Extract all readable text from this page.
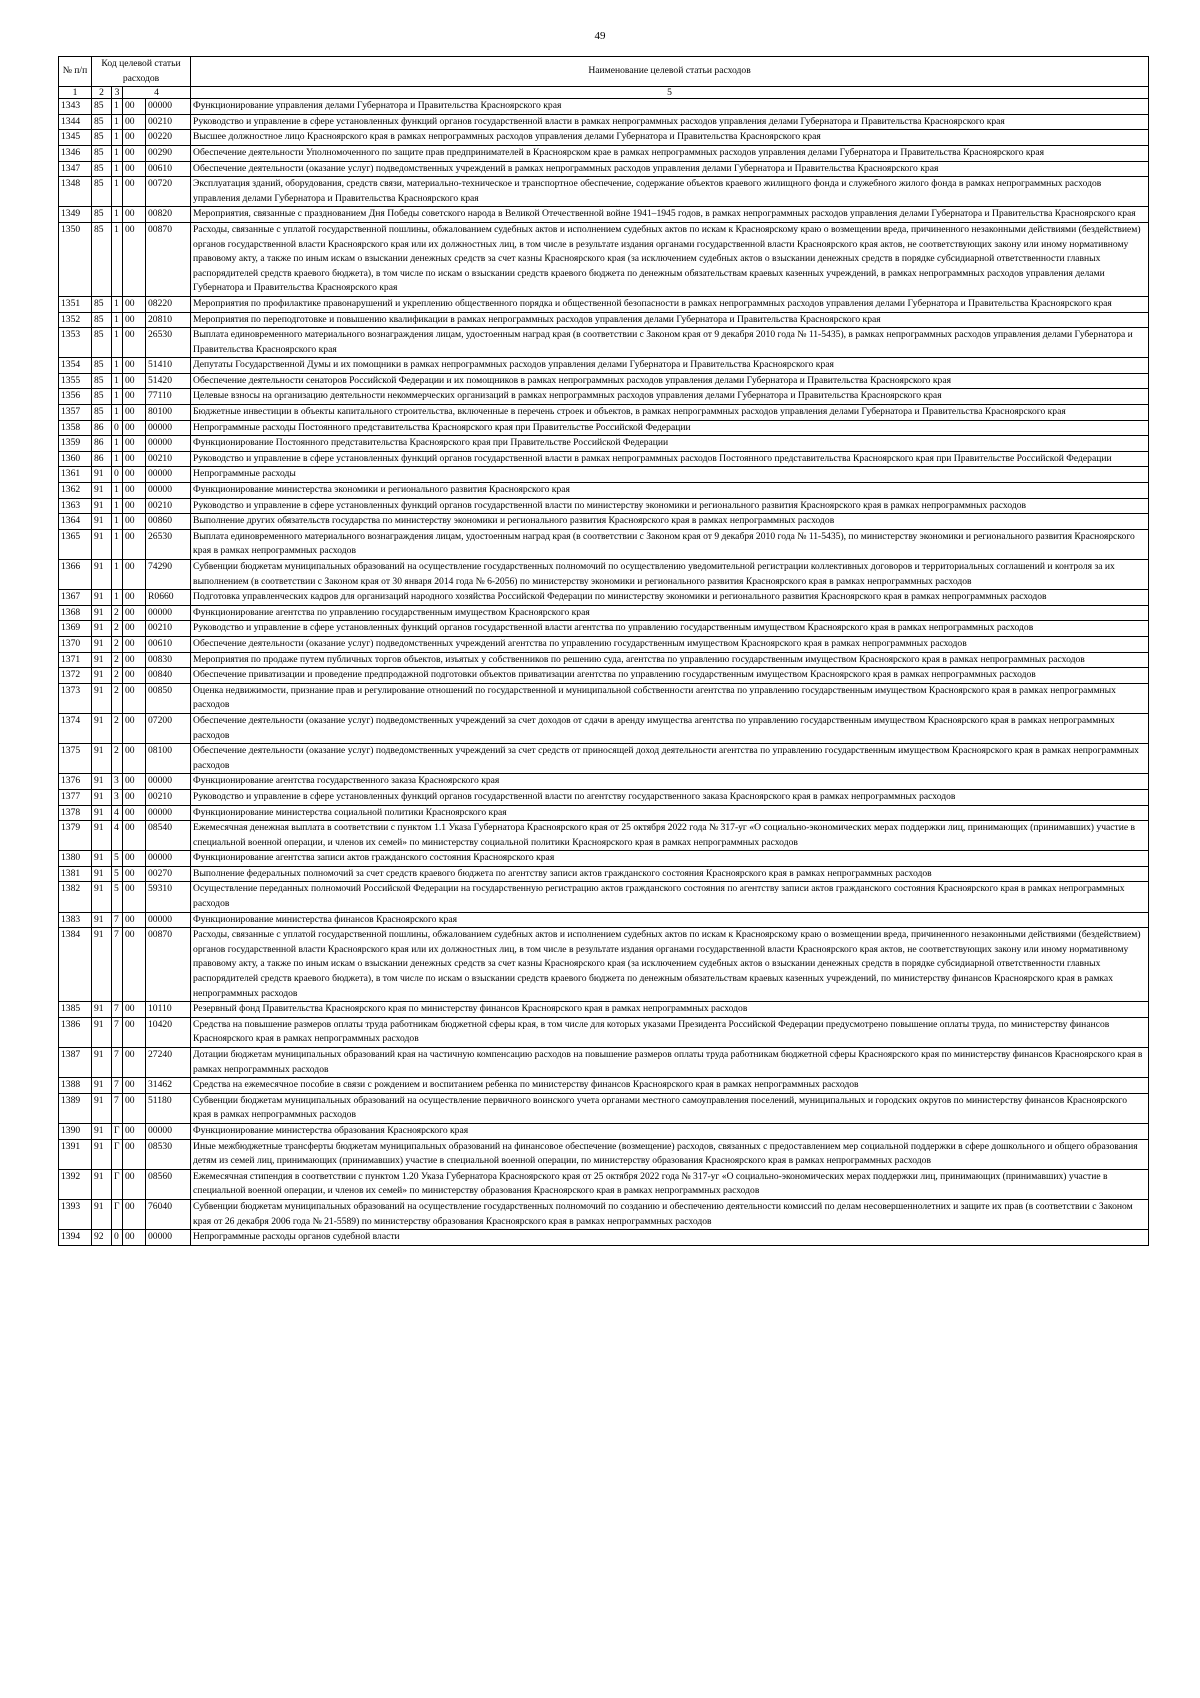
49
№ п/п	Код целевой статьи расходов				Наименование целевой статьи расходов

1	2	3	4		5
1343	85	1	00	00000	Функционирование управления делами Губернатора и Правительства Красноярского края
1344	85	1	00	00210	Руководство и управление в сфере установленных функций органов государственной власти в рамках непрограммных расходов управления делами Губернатора и Правительства Красноярского края
1345	85	1	00	00220	Высшее должностное лицо Красноярского края в рамках непрограммных расходов управления делами Губернатора и Правительства Красноярского края
1346	85	1	00	00290	Обеспечение деятельности Уполномоченного по защите прав предпринимателей в Красноярском крае в рамках непрограммных расходов управления делами Губернатора и Правительства Красноярского края
1347	85	1	00	00610	Обеспечение деятельности (оказание услуг) подведомственных учреждений в рамках непрограммных расходов управления делами Губернатора и Правительства Красноярского края
1348	85	1	00	00720	Эксплуатация зданий, оборудования, средств связи, материально-техническое и транспортное обеспечение, содержание объектов краевого жилищного фонда и служебного жилого фонда в рамках непрограммных расходов управления делами Губернатора и Правительства Красноярского края
1349	85	1	00	00820	Мероприятия, связанные с празднованием Дня Победы советского народа в Великой Отечественной войне 1941–1945 годов, в рамках непрограммных расходов управления делами Губернатора и Правительства Красноярского края
1350	85	1	00	00870	Расходы, связанные с уплатой государственной пошлины, обжалованием судебных актов и исполнением судебных актов по искам к Красноярскому краю о возмещении вреда, причиненного незаконными действиями (бездействием) органов государственной власти Красноярского края или их должностных лиц, в том числе в результате издания органами государственной власти Красноярского края актов, не соответствующих закону или иному нормативному правовому акту, а также по иным искам о взыскании денежных средств за счет казны Красноярского края (за исключением судебных актов о взыскании денежных средств в порядке субсидиарной ответственности главных распорядителей средств краевого бюджета), в том числе по искам о взыскании средств краевого бюджета по денежным обязательствам краевых казенных учреждений, в рамках непрограммных расходов управления делами Губернатора и Правительства Красноярского края
1351	85	1	00	08220	Мероприятия по профилактике правонарушений и укреплению общественного порядка и общественной безопасности в рамках непрограммных расходов управления делами Губернатора и Правительства Красноярского края
1352	85	1	00	20810	Мероприятия по переподготовке и повышению квалификации в рамках непрограммных расходов управления делами Губернатора и Правительства Красноярского края
1353	85	1	00	26530	Выплата единовременного материального вознаграждения лицам, удостоенным наград края (в соответствии с Законом края от 9 декабря 2010 года № 11-5435), в рамках непрограммных расходов управления делами Губернатора и Правительства Красноярского края
1354	85	1	00	51410	Депутаты Государственной Думы и их помощники в рамках непрограммных расходов управления делами Губернатора и Правительства Красноярского края
1355	85	1	00	51420	Обеспечение деятельности сенаторов Российской Федерации и их помощников в рамках непрограммных расходов управления делами Губернатора и Правительства Красноярского края
1356	85	1	00	77110	Целевые взносы на организацию деятельности некоммерческих организаций в рамках непрограммных расходов управления делами Губернатора и Правительства Красноярского края
1357	85	1	00	80100	Бюджетные инвестиции в объекты капитального строительства, включенные в перечень строек и объектов, в рамках непрограммных расходов управления делами Губернатора и Правительства Красноярского края
1358	86	0	00	00000	Непрограммные расходы Постоянного представительства Красноярского края при Правительстве Российской Федерации
1359	86	1	00	00000	Функционирование Постоянного представительства Красноярского края при Правительстве Российской Федерации
1360	86	1	00	00210	Руководство и управление в сфере установленных функций органов государственной власти в рамках непрограммных расходов Постоянного представительства Красноярского края при Правительстве Российской Федерации
1361	91	0	00	00000	Непрограммные расходы
1362	91	1	00	00000	Функционирование министерства экономики и регионального развития Красноярского края
1363	91	1	00	00210	Руководство и управление в сфере установленных функций органов государственной власти по министерству экономики и регионального развития Красноярского края в рамках непрограммных расходов
1364	91	1	00	00860	Выполнение других обязательств государства по министерству экономики и регионального развития Красноярского края в рамках непрограммных расходов
1365	91	1	00	26530	Выплата единовременного материального вознаграждения лицам, удостоенным наград края (в соответствии с Законом края от 9 декабря 2010 года № 11-5435), по министерству экономики и регионального развития Красноярского края в рамках непрограммных расходов
1366	91	1	00	74290	Субвенции бюджетам муниципальных образований на осуществление государственных полномочий по осуществлению уведомительной регистрации коллективных договоров и территориальных соглашений и контроля за их выполнением (в соответствии с Законом края от 30 января 2014 года № 6-2056) по министерству экономики и регионального развития Красноярского края в рамках непрограммных расходов
1367	91	1	00	R0660	Подготовка управленческих кадров для организаций народного хозяйства Российской Федерации по министерству экономики и регионального развития Красноярского края в рамках непрограммных расходов
1368	91	2	00	00000	Функционирование агентства по управлению государственным имуществом Красноярского края
1369	91	2	00	00210	Руководство и управление в сфере установленных функций органов государственной власти агентства по управлению государственным имуществом Красноярского края в рамках непрограммных расходов
1370	91	2	00	00610	Обеспечение деятельности (оказание услуг) подведомственных учреждений агентства по управлению государственным имуществом Красноярского края в рамках непрограммных расходов
1371	91	2	00	00830	Мероприятия по продаже путем публичных торгов объектов, изъятых у собственников по решению суда, агентства по управлению государственным имуществом Красноярского края в рамках непрограммных расходов
1372	91	2	00	00840	Обеспечение приватизации и проведение предпродажной подготовки объектов приватизации агентства по управлению государственным имуществом Красноярского края в рамках непрограммных расходов
1373	91	2	00	00850	Оценка недвижимости, признание прав и регулирование отношений по государственной и муниципальной собственности агентства по управлению государственным имуществом Красноярского края в рамках непрограммных расходов
1374	91	2	00	07200	Обеспечение деятельности (оказание услуг) подведомственных учреждений за счет доходов от сдачи в аренду имущества агентства по управлению государственным имуществом Красноярского края в рамках непрограммных расходов
1375	91	2	00	08100	Обеспечение деятельности (оказание услуг) подведомственных учреждений за счет средств от приносящей доход деятельности агентства по управлению государственным имуществом Красноярского края в рамках непрограммных расходов
1376	91	3	00	00000	Функционирование агентства государственного заказа Красноярского края
1377	91	3	00	00210	Руководство и управление в сфере установленных функций органов государственной власти по агентству государственного заказа Красноярского края в рамках непрограммных расходов
1378	91	4	00	00000	Функционирование министерства социальной политики Красноярского края
1379	91	4	00	08540	Ежемесячная денежная выплата в соответствии с пунктом 1.1 Указа Губернатора Красноярского края от 25 октября 2022 года № 317-уг «О социально-экономических мерах поддержки лиц, принимающих (принимавших) участие в специальной военной операции, и членов их семей» по министерству социальной политики Красноярского края в рамках непрограммных расходов
1380	91	5	00	00000	Функционирование агентства записи актов гражданского состояния Красноярского края
1381	91	5	00	00270	Выполнение федеральных полномочий за счет средств краевого бюджета по агентству записи актов гражданского состояния Красноярского края в рамках непрограммных расходов
1382	91	5	00	59310	Осуществление переданных полномочий Российской Федерации на государственную регистрацию актов гражданского состояния по агентству записи актов гражданского состояния Красноярского края в рамках непрограммных расходов
1383	91	7	00	00000	Функционирование министерства финансов Красноярского края
1384	91	7	00	00870	Расходы, связанные с уплатой государственной пошлины, обжалованием судебных актов и исполнением судебных актов по искам к Красноярскому краю о возмещении вреда, причиненного незаконными действиями (бездействием) органов государственной власти Красноярского края или их должностных лиц, в том числе в результате издания органами государственной власти Красноярского края актов, не соответствующих закону или иному нормативному правовому акту, а также по иным искам о взыскании денежных средств за счет казны Красноярского края (за исключением судебных актов о взыскании денежных средств в порядке субсидиарной ответственности главных распорядителей средств краевого бюджета), в том числе по искам о взыскании средств краевого бюджета по денежным обязательствам краевых казенных учреждений, по министерству финансов Красноярского края в рамках непрограммных расходов
1385	91	7	00	10110	Резервный фонд Правительства Красноярского края по министерству финансов Красноярского края в рамках непрограммных расходов
1386	91	7	00	10420	Средства на повышение размеров оплаты труда работникам бюджетной сферы края, в том числе для которых указами Президента Российской Федерации предусмотрено повышение оплаты труда, по министерству финансов Красноярского края в рамках непрограммных расходов
1387	91	7	00	27240	Дотации бюджетам муниципальных образований края на частичную компенсацию расходов на повышение размеров оплаты труда работникам бюджетной сферы Красноярского края по министерству финансов Красноярского края в рамках непрограммных расходов
1388	91	7	00	31462	Средства на ежемесячное пособие в связи с рождением и воспитанием ребенка по министерству финансов Красноярского края в рамках непрограммных расходов
1389	91	7	00	51180	Субвенции бюджетам муниципальных образований на осуществление первичного воинского учета органами местного самоуправления поселений, муниципальных и городских округов по министерству финансов Красноярского края в рамках непрограммных расходов
1390	91	Г	00	00000	Функционирование министерства образования Красноярского края
1391	91	Г	00	08530	Иные межбюджетные трансферты бюджетам муниципальных образований на финансовое обеспечение (возмещение) расходов, связанных с предоставлением мер социальной поддержки в сфере дошкольного и общего образования детям из семей лиц, принимающих (принимавших) участие в специальной военной операции, по министерству образования Красноярского края в рамках непрограммных расходов
1392	91	Г	00	08560	Ежемесячная стипендия в соответствии с пунктом 1.20 Указа Губернатора Красноярского края от 25 октября 2022 года № 317-уг «О социально-экономических мерах поддержки лиц, принимающих (принимавших) участие в специальной военной операции, и членов их семей» по министерству образования Красноярского края в рамках непрограммных расходов
1393	91	Г	00	76040	Субвенции бюджетам муниципальных образований на осуществление государственных полномочий по созданию и обеспечению деятельности комиссий по делам несовершеннолетних и защите их прав (в соответствии с Законом края от 26 декабря 2006 года № 21-5589) по министерству образования Красноярского края в рамках непрограммных расходов
1394	92	0	00	00000	Непрограммные расходы органов судебной власти
